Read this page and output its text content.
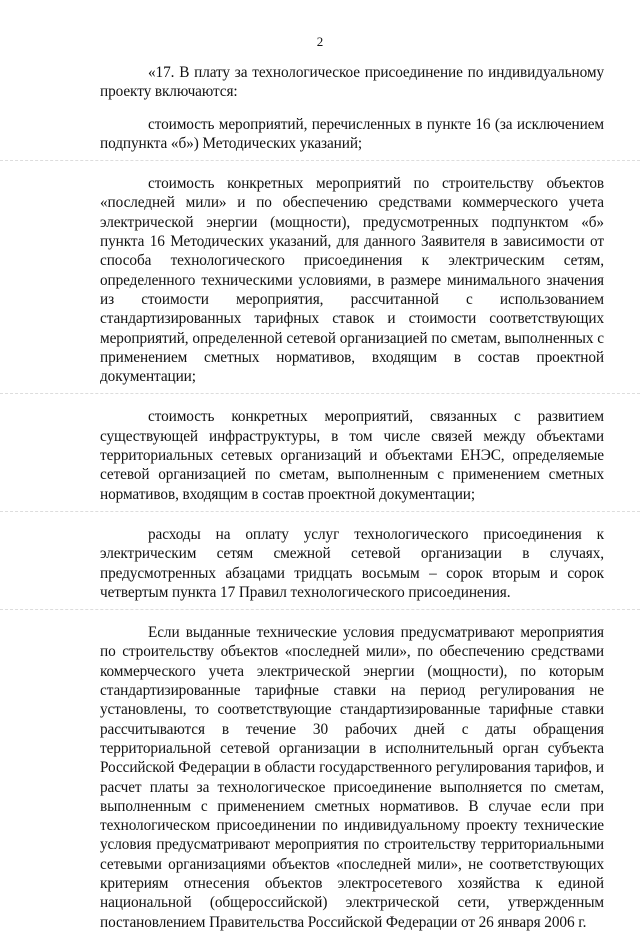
2

«17. В плату за технологическое присоединение по индивидуальному проекту включаются:

стоимость мероприятий, перечисленных в пункте 16 (за исключением подпункта «б») Методических указаний;

стоимость конкретных мероприятий по строительству объектов «последней мили» и по обеспечению средствами коммерческого учета электрической энергии (мощности), предусмотренных подпунктом «б» пункта 16 Методических указаний, для данного Заявителя в зависимости от способа технологического присоединения к электрическим сетям, определенного техническими условиями, в размере минимального значения из стоимости мероприятия, рассчитанной с использованием стандартизированных тарифных ставок и стоимости соответствующих мероприятий, определенной сетевой организацией по сметам, выполненных с применением сметных нормативов, входящим в состав проектной документации;

стоимость конкретных мероприятий, связанных с развитием существующей инфраструктуры, в том числе связей между объектами территориальных сетевых организаций и объектами ЕНЭС, определяемые сетевой организацией по сметам, выполненным с применением сметных нормативов, входящим в состав проектной документации;

расходы на оплату услуг технологического присоединения к электрическим сетям смежной сетевой организации в случаях, предусмотренных абзацами тридцать восьмым – сорок вторым и сорок четвертым пункта 17 Правил технологического присоединения.

Если выданные технические условия предусматривают мероприятия по строительству объектов «последней мили», по обеспечению средствами коммерческого учета электрической энергии (мощности), по которым стандартизированные тарифные ставки на период регулирования не установлены, то соответствующие стандартизированные тарифные ставки рассчитываются в течение 30 рабочих дней с даты обращения территориальной сетевой организации в исполнительный орган субъекта Российской Федерации в области государственного регулирования тарифов, и расчет платы за технологическое присоединение выполняется по сметам, выполненным с применением сметных нормативов. В случае если при технологическом присоединении по индивидуальному проекту технические условия предусматривают мероприятия по строительству территориальными сетевыми организациями объектов «последней мили», не соответствующих критериям отнесения объектов электросетевого хозяйства к единой национальной (общероссийской) электрической сети, утвержденным постановлением Правительства Российской Федерации от 26 января 2006 г.
